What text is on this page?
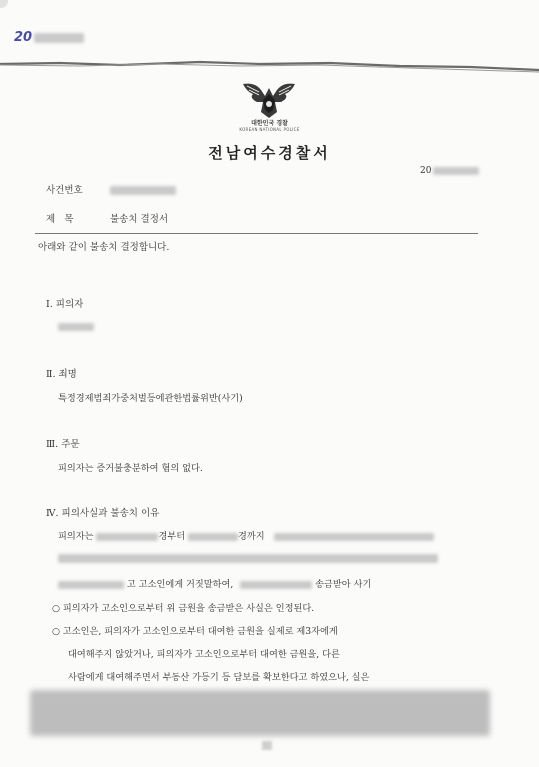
20
대한민국 경찰
KOREAN NATIONAL POLICE
전남여수경찰서
20
사건번호
제   목	불송치 결정서
아래와 같이 불송치 결정합니다.
Ⅰ. 피의자
Ⅱ. 죄명
특정경제범죄가중처벌등에관한법률위반(사기)
Ⅲ. 주문
피의자는 증거불충분하여 혐의 없다.
Ⅳ. 피의사실과 불송치 이유
피의자는	경부터	경까지
고 고소인에게 거짓말하여,	송금받아 사기
○ 피의자가 고소인으로부터 위 금원을 송금받은 사실은 인정된다.
○ 고소인은, 피의자가 고소인으로부터 대여한 금원을 실제로 제3자에게
대여해주지 않았거나, 피의자가 고소인으로부터 대여한 금원을, 다른
사람에게 대여해주면서 부동산 가등기 등 담보를 확보한다고 하였으나, 실은
